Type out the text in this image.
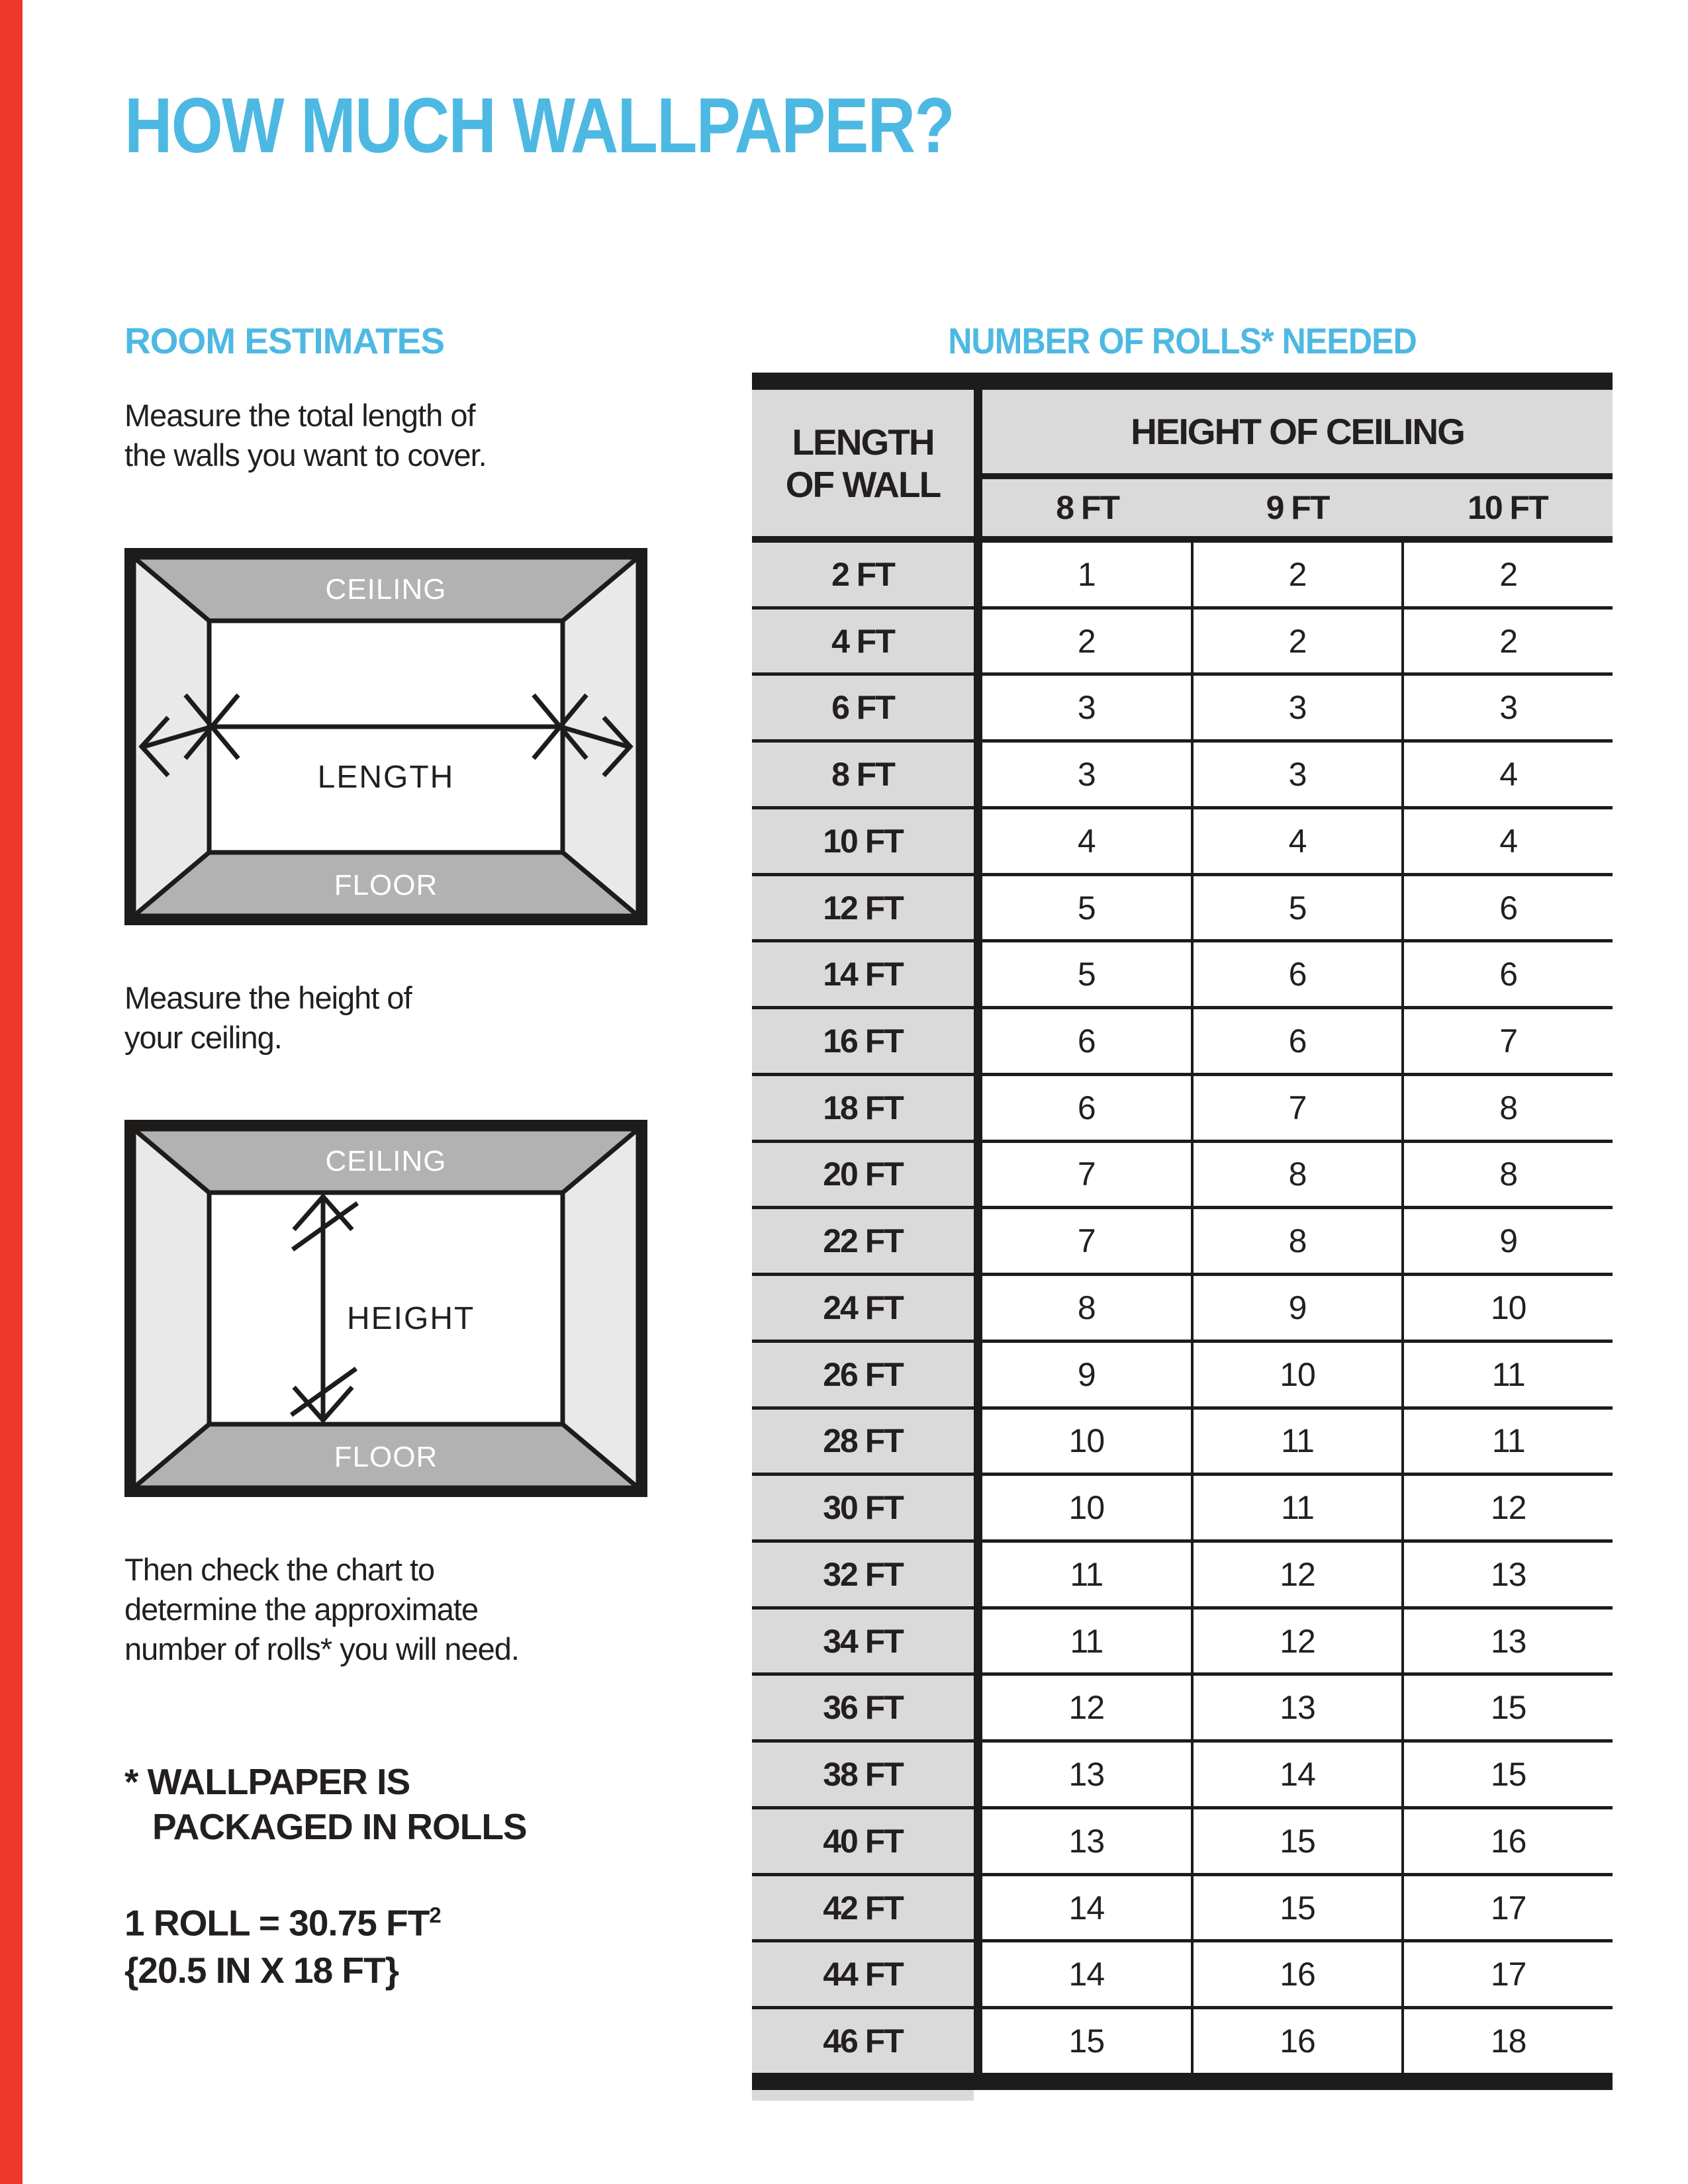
HOW MUCH WALLPAPER?
ROOM ESTIMATES	NUMBER OF ROLLS* NEEDED
Measure the total length of
the walls you want to cover.
CEILING
FLOOR
LENGTH
Measure the height of
your ceiling.
CEILING
FLOOR
HEIGHT
Then check the chart to
determine the approximate
number of rolls* you will need.
* WALLPAPER IS
PACKAGED IN ROLLS
1 ROLL = 30.75 $FT^2$
{20.5 IN X 18 FT}
LENGTH
OF WALL
HEIGHT OF CEILING
8 FT	9 FT	10 FT
2 FT	1	2	2
4 FT	2	2	2
6 FT	3	3	3
8 FT	3	3	4
10 FT	4	4	4
12 FT	5	5	6
14 FT	5	6	6
16 FT	6	6	7
18 FT	6	7	8
20 FT	7	8	8
22 FT	7	8	9
24 FT	8	9	10
26 FT	9	10	11
28 FT	10	11	11
30 FT	10	11	12
32 FT	11	12	13
34 FT	11	12	13
36 FT	12	13	15
38 FT	13	14	15
40 FT	13	15	16
42 FT	14	15	17
44 FT	14	16	17
46 FT	15	16	18
